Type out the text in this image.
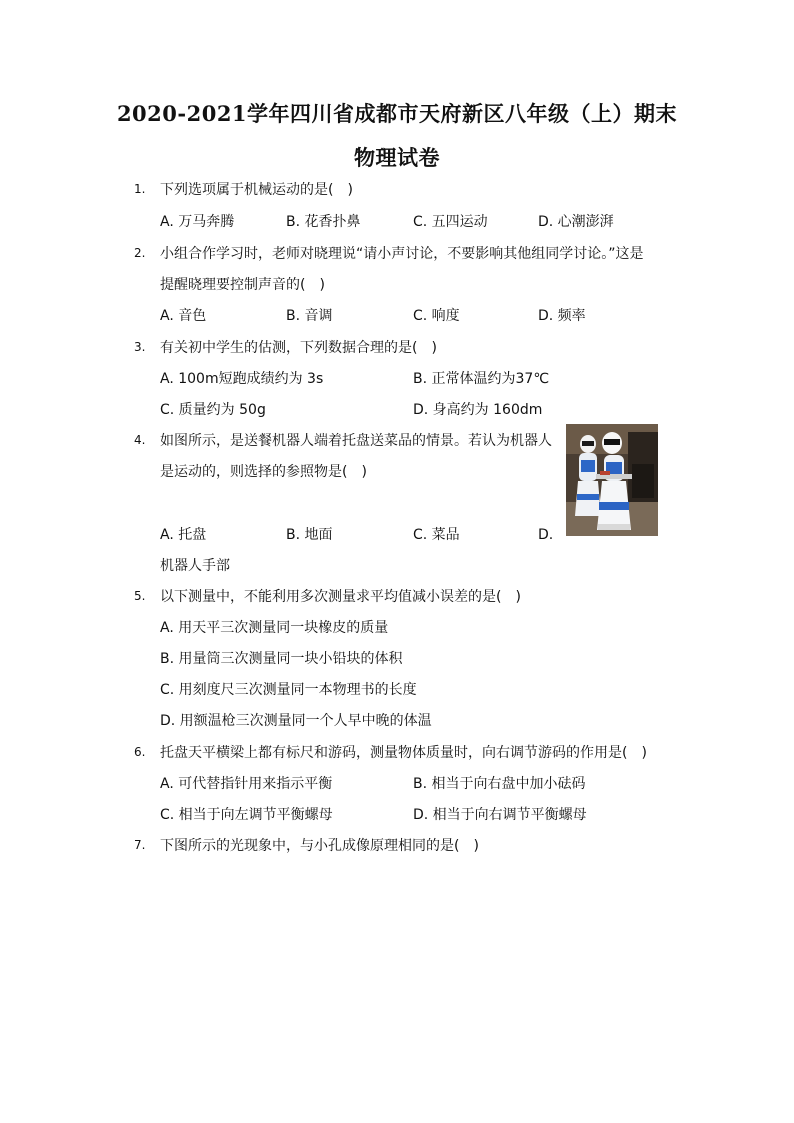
2020-2021学年四川省成都市天府新区八年级（上）期末
物理试卷
1.	下列选项属于机械运动的是(　)
A. 万马奔腾	B. 花香扑鼻	C. 五四运动	D. 心潮澎湃
2.	小组合作学习时，老师对晓理说“请小声讨论，不要影响其他组同学讨论。”这是
提醒晓理要控制声音的(　)
A. 音色	B. 音调	C. 响度	D. 频率
3.	有关初中学生的估测，下列数据合理的是(　)
A. 100m短跑成绩约为 3s	B. 正常体温约为37℃
C. 质量约为 50g	D. 身高约为 160dm
4.	如图所示，是送餐机器人端着托盘送菜品的情景。若认为机器人
是运动的，则选择的参照物是(　)
A. 托盘	B. 地面	C. 菜品	D.
机器人手部
5.	以下测量中，不能利用多次测量求平均值减小误差的是(　)
A. 用天平三次测量同一块橡皮的质量
B. 用量筒三次测量同一块小铅块的体积
C. 用刻度尺三次测量同一本物理书的长度
D. 用额温枪三次测量同一个人早中晚的体温
6.	托盘天平横梁上都有标尺和游码，测量物体质量时，向右调节游码的作用是(　)
A. 可代替指针用来指示平衡	B. 相当于向右盘中加小砝码
C. 相当于向左调节平衡螺母	D. 相当于向右调节平衡螺母
7.	下图所示的光现象中，与小孔成像原理相同的是(　)
